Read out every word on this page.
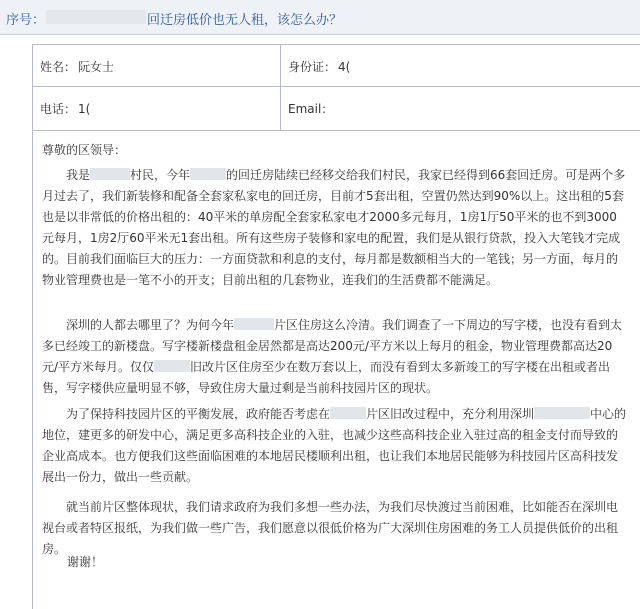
序号：	回迁房低价也无人租，该怎么办？
姓名： 阮女士	身份证： 4(
电话： 1(	Email：
尊敬的区领导：

我是	村民，今年	的回迁房陆续已经移交给我们村民，我家已经得到66套回迁房。可是两个多月过去了，我们新装修和配备全套家私家电的回迁房，目前才5套出租，空置仍然达到90%以上。这出租的5套也是以非常低的价格出租的：40平米的单房配全套家私家电才2000多元每月，1房1厅50平米的也不到3000元每月，1房2厅60平米无1套出租。所有这些房子装修和家电的配置，我们是从银行贷款，投入大笔钱才完成的。目前我们面临巨大的压力：一方面贷款和利息的支付，每月都是数额相当大的一笔钱；另一方面，每月的物业管理费也是一笔不小的开支；目前出租的几套物业，连我们的生活费都不能满足。

深圳的人都去哪里了？为何今年	片区住房这么冷清。我们调查了一下周边的写字楼，也没有看到太多已经竣工的新楼盘。写字楼新楼盘租金居然都是高达200元/平方米以上每月的租金，物业管理费都高达20元/平方米每月。仅仅	旧改片区住房至少在数万套以上，而没有看到太多新竣工的写字楼在出租或者出售，写字楼供应量明显不够，导致住房大量过剩是当前科技园片区的现状。

为了保持科技园片区的平衡发展，政府能否考虑在	片区旧改过程中，充分利用深圳	中心的地位，建更多的研发中心，满足更多高科技企业的入驻，也减少这些高科技企业入驻过高的租金支付而导致的企业高成本。也方便我们这些面临困难的本地居民楼顺利出租，也让我们本地居民能够为科技园片区高科技发展出一份力，做出一些贡献。

就当前片区整体现状，我们请求政府为我们多想一些办法，为我们尽快渡过当前困难，比如能否在深圳电视台或者特区报纸，为我们做一些广告，我们愿意以很低价格为广大深圳住房困难的务工人员提供低价的出租房。

谢谢！
